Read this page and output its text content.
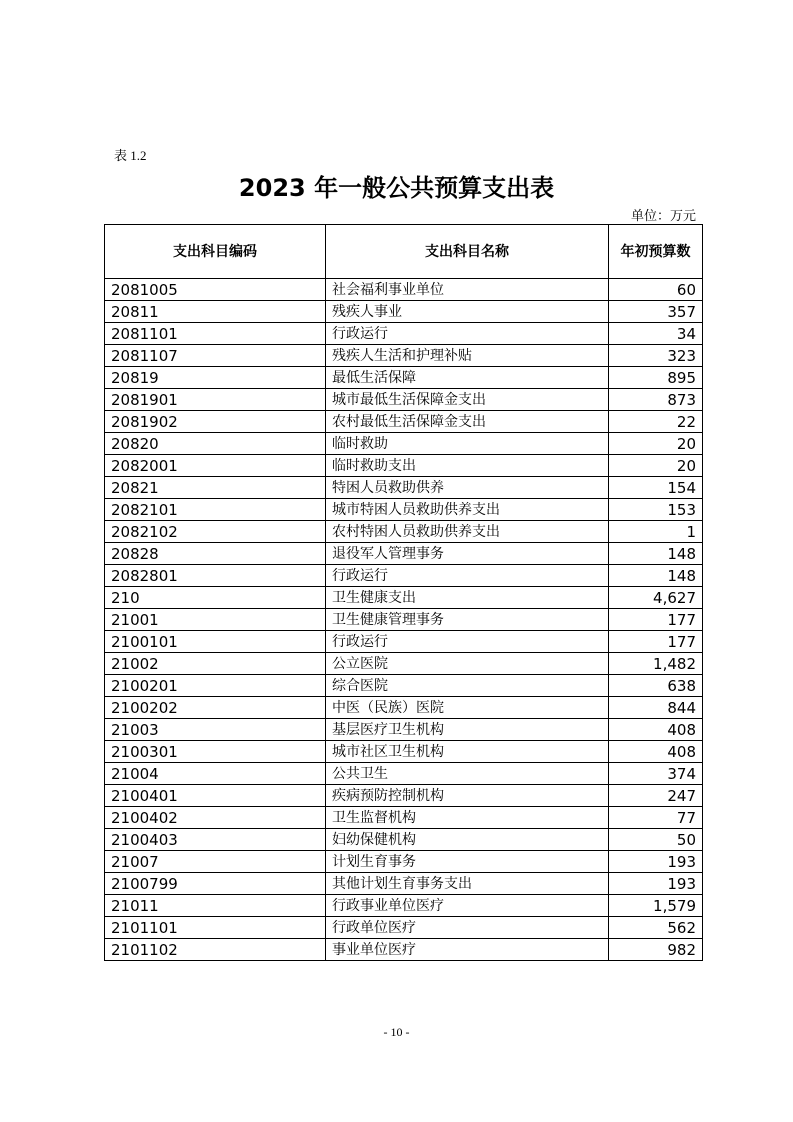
表 1.2
2023 年一般公共预算支出表
单位：万元
支出科目编码	支出科目名称	年初预算数
2081005	社会福利事业单位	60
20811	残疾人事业	357
2081101	行政运行	34
2081107	残疾人生活和护理补贴	323
20819	最低生活保障	895
2081901	城市最低生活保障金支出	873
2081902	农村最低生活保障金支出	22
20820	临时救助	20
2082001	临时救助支出	20
20821	特困人员救助供养	154
2082101	城市特困人员救助供养支出	153
2082102	农村特困人员救助供养支出	1
20828	退役军人管理事务	148
2082801	行政运行	148
210	卫生健康支出	4,627
21001	卫生健康管理事务	177
2100101	行政运行	177
21002	公立医院	1,482
2100201	综合医院	638
2100202	中医（民族）医院	844
21003	基层医疗卫生机构	408
2100301	城市社区卫生机构	408
21004	公共卫生	374
2100401	疾病预防控制机构	247
2100402	卫生监督机构	77
2100403	妇幼保健机构	50
21007	计划生育事务	193
2100799	其他计划生育事务支出	193
21011	行政事业单位医疗	1,579
2101101	行政单位医疗	562
2101102	事业单位医疗	982
- 10 -
